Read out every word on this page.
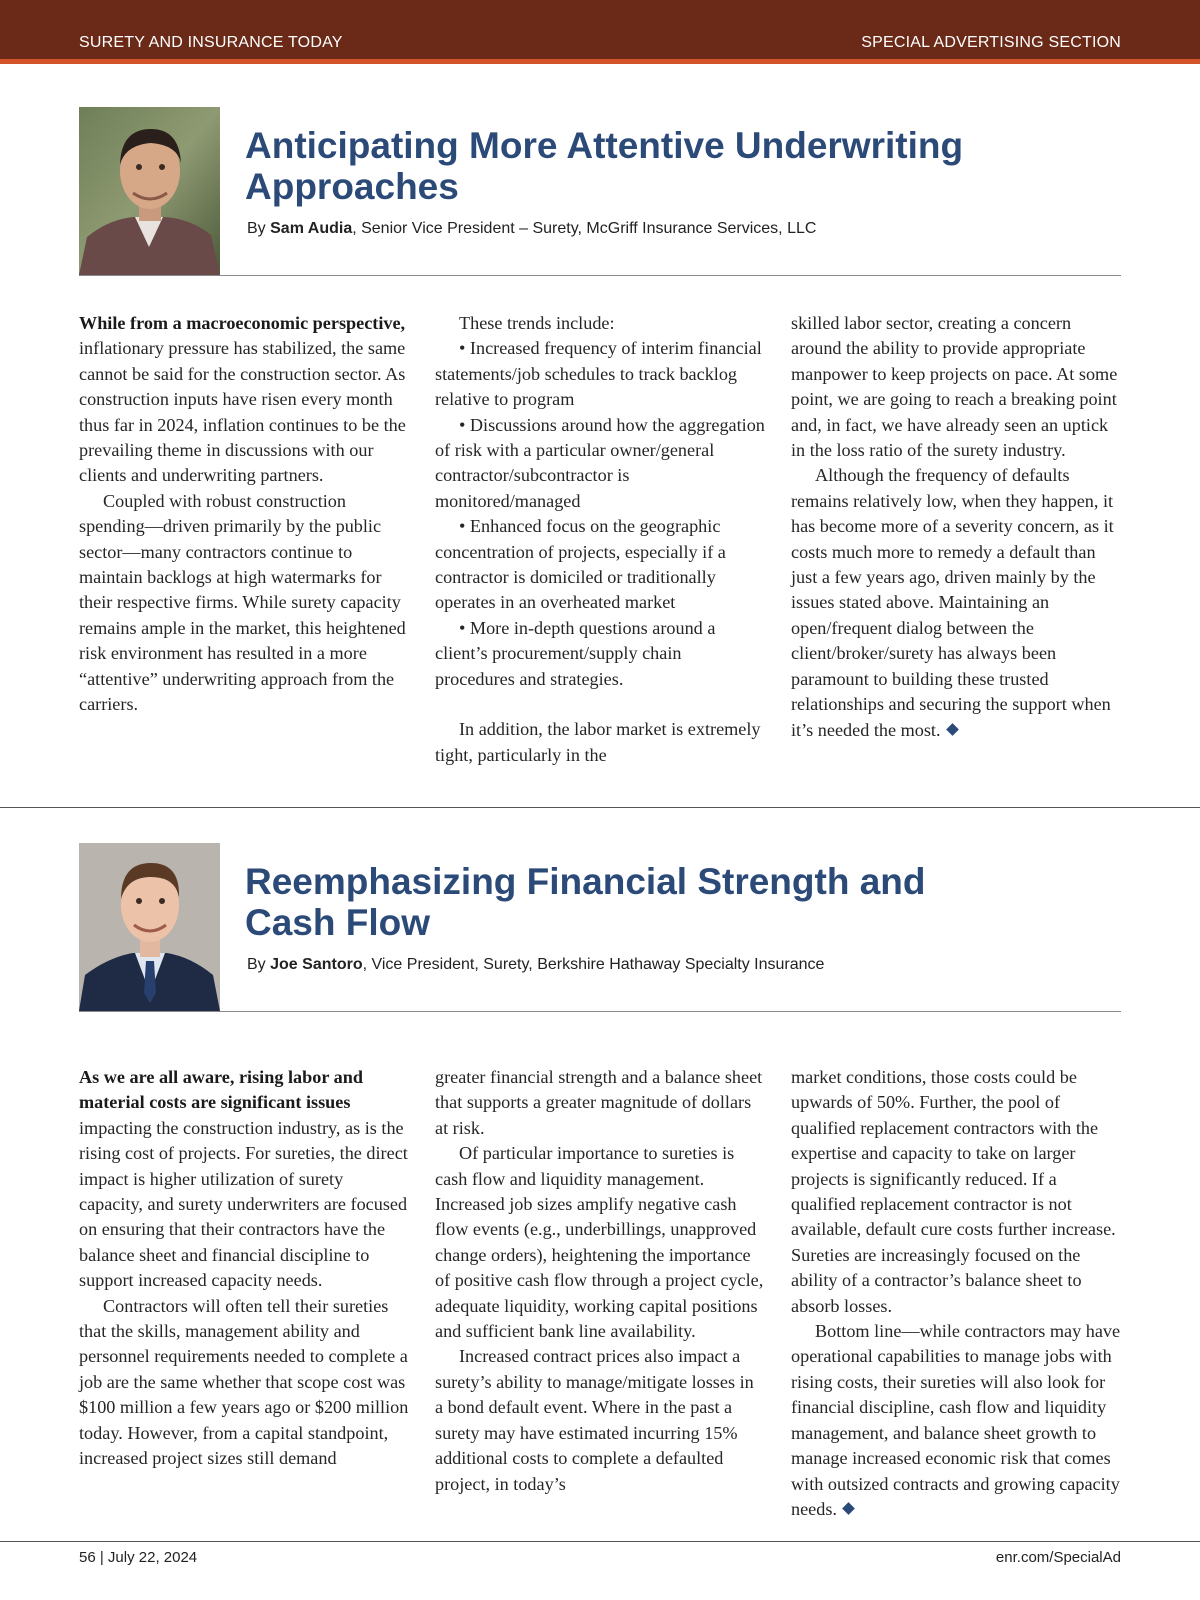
SURETY AND INSURANCE TODAY	SPECIAL ADVERTISING SECTION
Anticipating More Attentive Underwriting Approaches
By Sam Audia, Senior Vice President – Surety, McGriff Insurance Services, LLC

While from a macroeconomic perspective, inflationary pressure has stabilized, the same cannot be said for the construction sector. As construction inputs have risen every month thus far in 2024, inflation continues to be the prevailing theme in discussions with our clients and underwriting partners.

Coupled with robust construction spending—driven primarily by the public sector—many contractors continue to maintain backlogs at high watermarks for their respective firms. While surety capacity remains ample in the market, this heightened risk environment has resulted in a more “attentive” underwriting approach from the carriers.

These trends include:

• Increased frequency of interim financial statements/job schedules to track backlog relative to program

• Discussions around how the aggregation of risk with a particular owner/general contractor/subcontractor is monitored/managed

• Enhanced focus on the geographic concentration of projects, especially if a contractor is domiciled or traditionally operates in an overheated market

• More in-depth questions around a client’s procurement/supply chain procedures and strategies.

In addition, the labor market is extremely tight, particularly in the

skilled labor sector, creating a concern around the ability to provide appropriate manpower to keep projects on pace. At some point, we are going to reach a breaking point and, in fact, we have already seen an uptick in the loss ratio of the surety industry.

Although the frequency of defaults remains relatively low, when they happen, it has become more of a severity concern, as it costs much more to remedy a default than just a few years ago, driven mainly by the issues stated above. Maintaining an open/frequent dialog between the client/broker/surety has always been paramount to building these trusted relationships and securing the support when it’s needed the most.

Reemphasizing Financial Strength and Cash Flow
By Joe Santoro, Vice President, Surety, Berkshire Hathaway Specialty Insurance

As we are all aware, rising labor and material costs are significant issues impacting the construction industry, as is the rising cost of projects. For sureties, the direct impact is higher utilization of surety capacity, and surety underwriters are focused on ensuring that their contractors have the balance sheet and financial discipline to support increased capacity needs.

Contractors will often tell their sureties that the skills, management ability and personnel requirements needed to complete a job are the same whether that scope cost was $100 million a few years ago or $200 million today. However, from a capital standpoint, increased project sizes still demand

greater financial strength and a balance sheet that supports a greater magnitude of dollars at risk.

Of particular importance to sureties is cash flow and liquidity management. Increased job sizes amplify negative cash flow events (e.g., underbillings, unapproved change orders), heightening the importance of positive cash flow through a project cycle, adequate liquidity, working capital positions and sufficient bank line availability.

Increased contract prices also impact a surety’s ability to manage/mitigate losses in a bond default event. Where in the past a surety may have estimated incurring 15% additional costs to complete a defaulted project, in today’s

market conditions, those costs could be upwards of 50%. Further, the pool of qualified replacement contractors with the expertise and capacity to take on larger projects is significantly reduced. If a qualified replacement contractor is not available, default cure costs further increase. Sureties are increasingly focused on the ability of a contractor’s balance sheet to absorb losses.

Bottom line—while contractors may have operational capabilities to manage jobs with rising costs, their sureties will also look for financial discipline, cash flow and liquidity management, and balance sheet growth to manage increased economic risk that comes with outsized contracts and growing capacity needs.

56 | July 22, 2024	enr.com/SpecialAd
